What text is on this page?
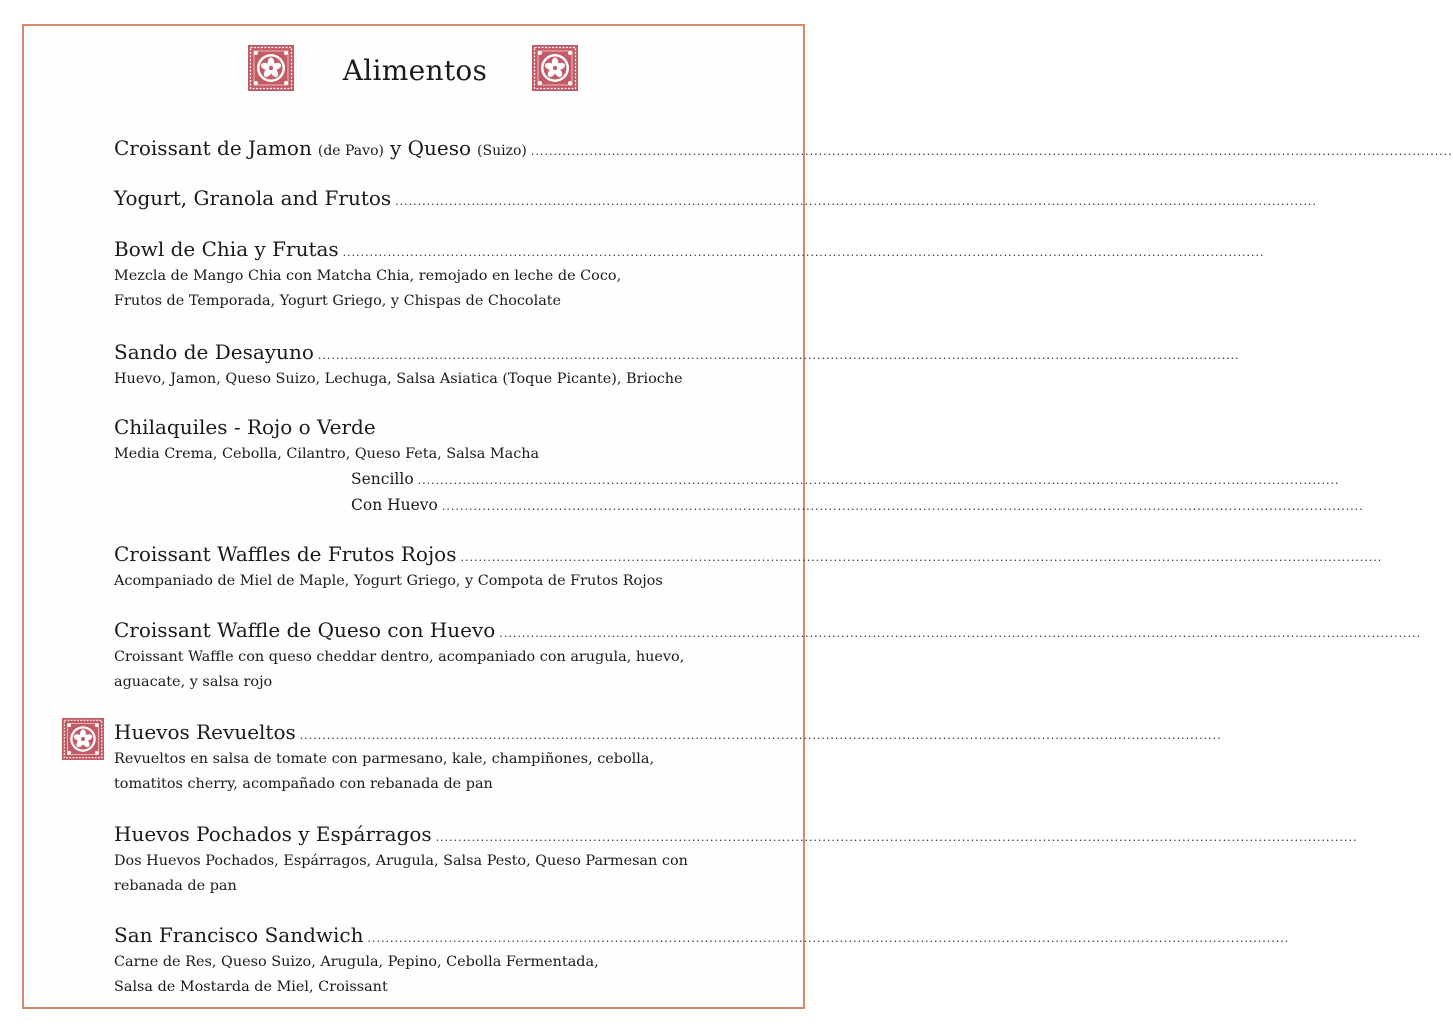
Alimentos
Croissant de Jamon (de Pavo) y Queso (Suizo) .............................................................................................................................................................................................................
Yogurt, Granola and Frutos .............................................................................................................................................................................................................
Bowl de Chia y Frutas .............................................................................................................................................................................................................
Mezcla de Mango Chia con Matcha Chia, remojado en leche de Coco,
Frutos de Temporada, Yogurt Griego, y Chispas de Chocolate
Sando de Desayuno .............................................................................................................................................................................................................
Huevo, Jamon, Queso Suizo, Lechuga, Salsa Asiatica (Toque Picante), Brioche
Chilaquiles - Rojo o Verde
Media Crema, Cebolla, Cilantro, Queso Feta, Salsa Macha
Sencillo .............................................................................................................................................................................................................
Con Huevo .............................................................................................................................................................................................................
Croissant Waffles de Frutos Rojos .............................................................................................................................................................................................................
Acompaniado de Miel de Maple, Yogurt Griego, y Compota de Frutos Rojos
Croissant Waffle de Queso con Huevo .............................................................................................................................................................................................................
Croissant Waffle con queso cheddar dentro, acompaniado con arugula, huevo,
aguacate, y salsa rojo
Huevos Revueltos .............................................................................................................................................................................................................
Revueltos en salsa de tomate con parmesano, kale, champiñones, cebolla,
tomatitos cherry, acompañado con rebanada de pan
Huevos Pochados y Espárragos .............................................................................................................................................................................................................
Dos Huevos Pochados, Espárragos, Arugula, Salsa Pesto, Queso Parmesan con
rebanada de pan
San Francisco Sandwich .............................................................................................................................................................................................................
Carne de Res, Queso Suizo, Arugula, Pepino, Cebolla Fermentada,
Salsa de Mostarda de Miel, Croissant
